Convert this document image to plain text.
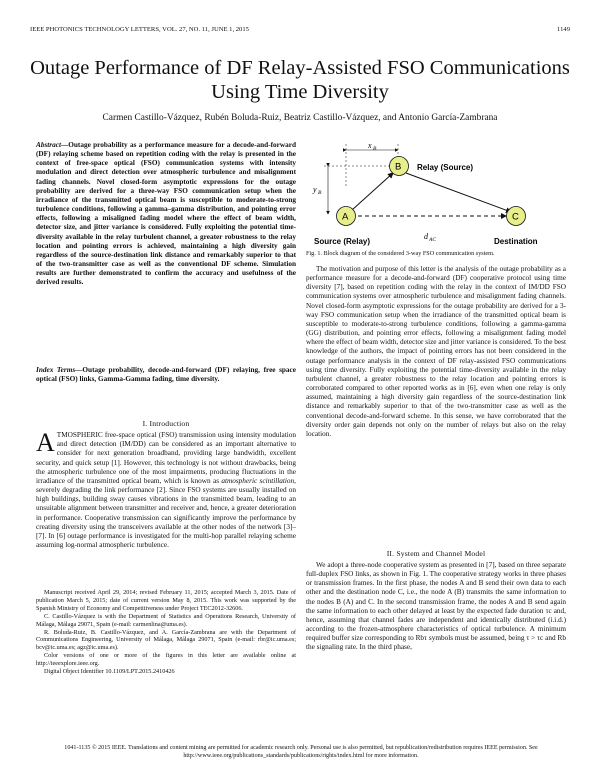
IEEE PHOTONICS TECHNOLOGY LETTERS, VOL. 27, NO. 11, JUNE 1, 2015	1149
Outage Performance of DF Relay-Assisted FSO Communications Using Time Diversity
Carmen Castillo-Vázquez, Rubén Boluda-Ruiz, Beatriz Castillo-Vázquez, and Antonio García-Zambrana
Abstract—Outage probability as a performance measure for a decode-and-forward (DF) relaying scheme based on repetition coding with the relay is presented in the context of free-space optical (FSO) communication systems with intensity modulation and direct detection over atmospheric turbulence and misalignment fading channels. Novel closed-form asymptotic expressions for the outage probability are derived for a three-way FSO communication setup when the irradiance of the transmitted optical beam is susceptible to moderate-to-strong turbulence conditions, following a gamma–gamma distribution, and pointing error effects, following a misaligned fading model where the effect of beam width, detector size, and jitter variance is considered. Fully exploiting the potential time-diversity available in the relay turbulent channel, a greater robustness to the relay location and pointing errors is achieved, maintaining a high diversity gain regardless of the source-destination link distance and remarkably superior to that of the two-transmitter case as well as the conventional DF scheme. Simulation results are further demonstrated to confirm the accuracy and usefulness of the derived results.
Index Terms—Outage probability, decode-and-forward (DF) relaying, free space optical (FSO) links, Gamma-Gamma fading, time diversity.
I. Introduction
ATMOSPHERIC free-space optical (FSO) transmission using intensity modulation and direct detection (IM/DD) can be considered as an important alternative to consider for next generation broadband, providing large bandwidth, excellent security, and quick setup [1]. However, this technology is not without drawbacks, being the atmospheric turbulence one of the most impairments, producing fluctuations in the irradiance of the transmitted optical beam, which is known as atmospheric scintillation, severely degrading the link performance [2]. Since FSO systems are usually installed on high buildings, building sway causes vibrations in the transmitted beam, leading to an unsuitable alignment between transmitter and receiver and, hence, a greater deterioration in performance. Cooperative transmission can significantly improve the performance by creating diversity using the transceivers available at the other nodes of the network [3]–[7]. In [6] outage performance is investigated for the multi-hop parallel relaying scheme assuming log-normal atmospheric turbulence.

Manuscript received April 29, 2014; revised February 11, 2015; accepted March 3, 2015. Date of publication March 5, 2015; date of current version May 8, 2015. This work was supported by the Spanish Ministry of Economy and Competitiveness under Project TEC2012-32606.

C. Castillo-Vázquez is with the Department of Statistics and Operations Research, University of Málaga, Málaga 29071, Spain (e-mail: carmenlina@uma.es).

R. Boluda-Ruiz, B. Castillo-Vázquez, and A. García-Zambrana are with the Department of Communications Engineering, University of Málaga, Málaga 29071, Spain (e-mail: rbr@ic.uma.es; bcv@ic.uma.es; agz@ic.uma.es).

Color versions of one or more of the figures in this letter are available online at http://ieeexplore.ieee.org.

Digital Object Identifier 10.1109/LPT.2015.2410426

1041-1135 © 2015 IEEE. Translations and content mining are permitted for academic research only. Personal use is also permitted, but republication/redistribution requires IEEE permission. See http://www.ieee.org/publications_standards/publications/rights/index.html for more information.
x B
y B
B
A	C
Relay (Source)
Source (Relay)	Destination
d AC
Fig. 1. Block diagram of the considered 3-way FSO communication system.

The motivation and purpose of this letter is the analysis of the outage probability as a performance measure for a decode-and-forward (DF) cooperative protocol using time diversity [7], based on repetition coding with the relay in the context of IM/DD FSO communication systems over atmospheric turbulence and misalignment fading channels. Novel closed-form asymptotic expressions for the outage probability are derived for a 3-way FSO communication setup when the irradiance of the transmitted optical beam is susceptible to moderate-to-strong turbulence conditions, following a gamma-gamma (GG) distribution, and pointing error effects, following a misalignment fading model where the effect of beam width, detector size and jitter variance is considered. To the best knowledge of the authors, the impact of pointing errors has not been considered in the outage performance analysis in the context of DF relay-assisted FSO communications using time diversity. Fully exploiting the potential time-diversity available in the relay turbulent channel, a greater robustness to the relay location and pointing errors is corroborated compared to other reported works as in [6], even when one relay is only assumed, maintaining a high diversity gain regardless of the source-destination link distance and remarkably superior to that of the two-transmitter case as well as the conventional decode-and-forward scheme. In this sense, we have corroborated that the diversity order gain depends not only on the number of relays but also on the relay location.

II. System and Channel Model

We adopt a three-node cooperative system as presented in [7], based on three separate full-duplex FSO links, as shown in Fig. 1. The cooperative strategy works in three phases or transmission frames. In the first phase, the nodes A and B send their own data to each other and the destination node C, i.e., the node A (B) transmits the same information to the nodes B (A) and C. In the second transmission frame, the nodes A and B send again the same information to each other delayed at least by the expected fade duration τc and, hence, assuming that channel fades are independent and identically distributed (i.i.d.) according to the frozen-atmosphere characteristics of optical turbulence. A minimum required buffer size corresponding to Rbτ symbols must be assumed, being τ > τc and Rb the signaling rate. In the third phase,
